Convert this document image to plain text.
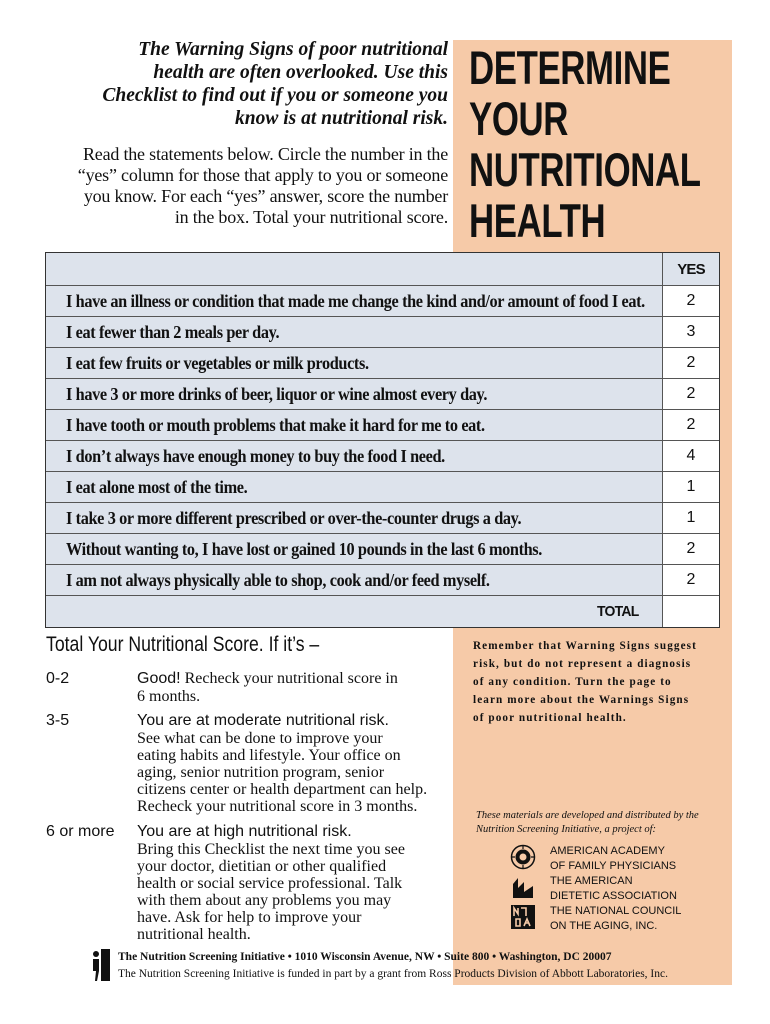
The Warning Signs of poor nutritional
health are often overlooked. Use this
Checklist to find out if you or someone you
know is at nutritional risk.
Read the statements below. Circle the number in the
“yes” column for those that apply to you or someone
you know. For each “yes” answer, score the number
in the box. Total your nutritional score.
DETERMINE
YOUR
NUTRITIONAL
HEALTH
YES
I have an illness or condition that made me change the kind and/or amount of food I eat.	2
I eat fewer than 2 meals per day.	3
I eat few fruits or vegetables or milk products.	2
I have 3 or more drinks of beer, liquor or wine almost every day.	2
I have tooth or mouth problems that make it hard for me to eat.	2
I don’t always have enough money to buy the food I need.	4
I eat alone most of the time.	1
I take 3 or more different prescribed or over-the-counter drugs a day.	1
Without wanting to, I have lost or gained 10 pounds in the last 6 months.	2
I am not always physically able to shop, cook and/or feed myself.	2
TOTAL
Total Your Nutritional Score. If it’s –
0-2	Good! Recheck your nutritional score in
6 months.
3-5	You are at moderate nutritional risk.
See what can be done to improve your
eating habits and lifestyle. Your office on
aging, senior nutrition program, senior
citizens center or health department can help.
Recheck your nutritional score in 3 months.
6 or more You are at high nutritional risk.
Bring this Checklist the next time you see
your doctor, dietitian or other qualified
health or social service professional. Talk
with them about any problems you may
have. Ask for help to improve your
nutritional health.
Remember that Warning Signs suggest
risk, but do not represent a diagnosis
of any condition. Turn the page to
learn more about the Warnings Signs
of poor nutritional health.
These materials are developed and distributed by the
Nutrition Screening Initiative, a project of:
AMERICAN ACADEMY
OF FAMILY PHYSICIANS
THE AMERICAN
DIETETIC ASSOCIATION
THE NATIONAL COUNCIL
ON THE AGING, INC.
The Nutrition Screening Initiative • 1010 Wisconsin Avenue, NW • Suite 800 • Washington, DC 20007
The Nutrition Screening Initiative is funded in part by a grant from Ross Products Division of Abbott Laboratories, Inc.
